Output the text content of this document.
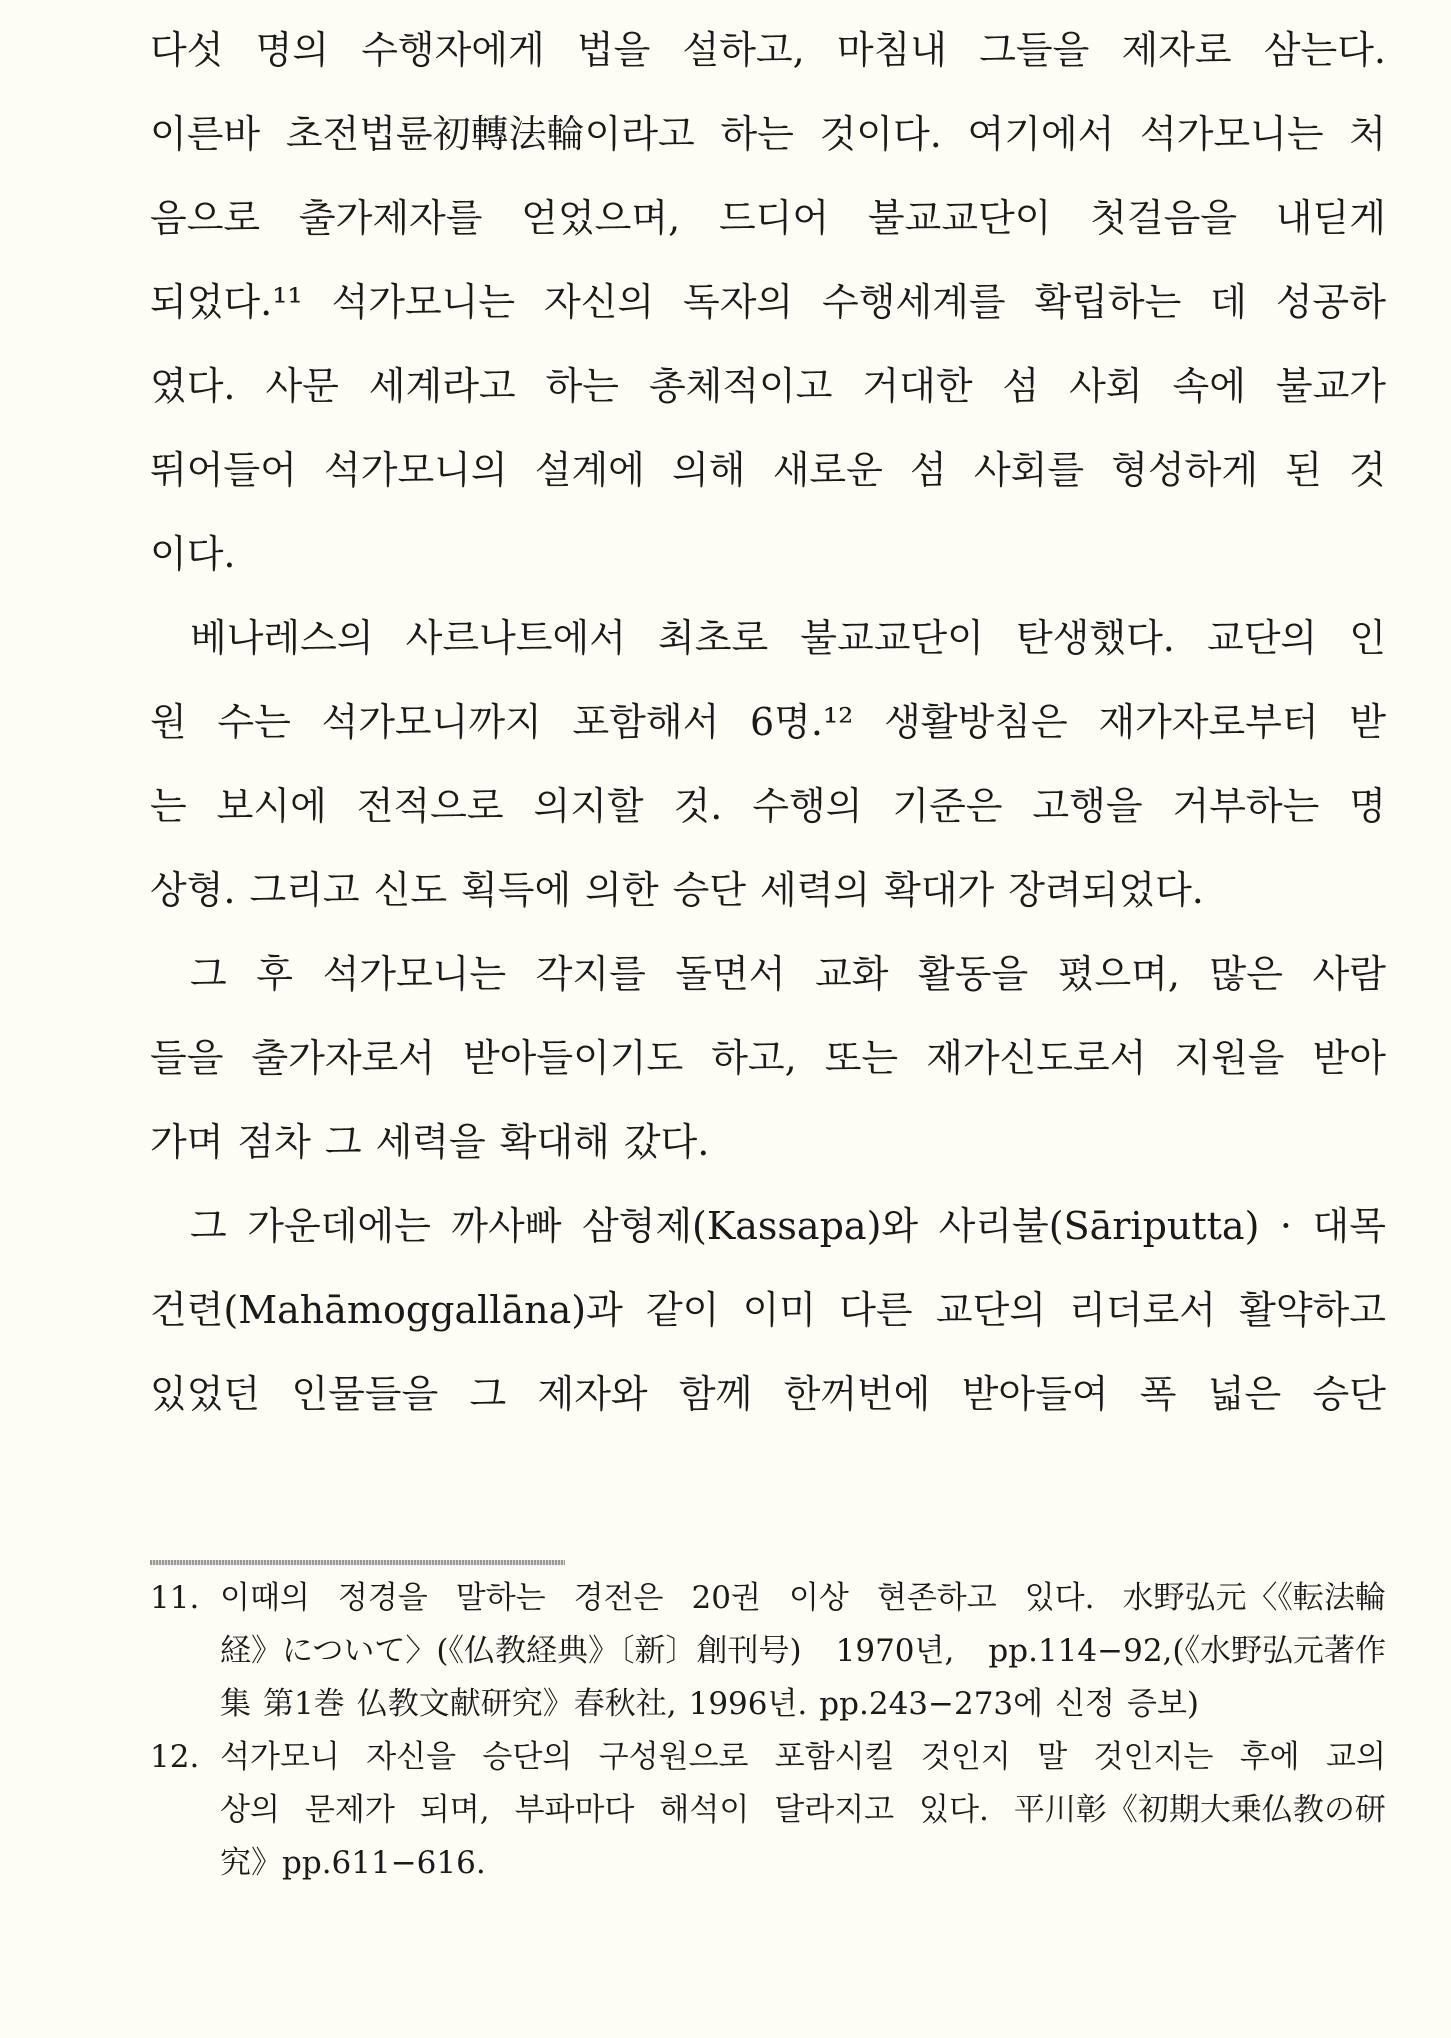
다섯 명의 수행자에게 법을 설하고, 마침내 그들을 제자로 삼는다.
이른바 초전법륜初轉法輪이라고 하는 것이다. 여기에서 석가모니는 처
음으로 출가제자를 얻었으며, 드디어 불교교단이 첫걸음을 내딛게
되었다.¹¹ 석가모니는 자신의 독자의 수행세계를 확립하는 데 성공하
였다. 사문 세계라고 하는 총체적이고 거대한 섬 사회 속에 불교가
뛰어들어 석가모니의 설계에 의해 새로운 섬 사회를 형성하게 된 것
이다.
베나레스의 사르나트에서 최초로 불교교단이 탄생했다. 교단의 인
원 수는 석가모니까지 포함해서 6명.¹² 생활방침은 재가자로부터 받
는 보시에 전적으로 의지할 것. 수행의 기준은 고행을 거부하는 명
상형. 그리고 신도 획득에 의한 승단 세력의 확대가 장려되었다.
그 후 석가모니는 각지를 돌면서 교화 활동을 폈으며, 많은 사람
들을 출가자로서 받아들이기도 하고, 또는 재가신도로서 지원을 받아
가며 점차 그 세력을 확대해 갔다.
그 가운데에는 까사빠 삼형제(Kassapa)와 사리불(Sāriputta) · 대목
건련(Mahāmoggallāna)과 같이 이미 다른 교단의 리더로서 활약하고
있었던 인물들을 그 제자와 함께 한꺼번에 받아들여 폭 넓은 승단
11. 이때의 정경을 말하는 경전은 20권 이상 현존하고 있다. 水野弘元〈《転法輪
経》について〉(《仏教経典》〔新〕創刊号) 1970년, pp.114−92,(《水野弘元著作
集 第1巻 仏教文献研究》春秋社, 1996년. pp.243−273에 신정 증보)
12. 석가모니 자신을 승단의 구성원으로 포함시킬 것인지 말 것인지는 후에 교의
상의 문제가 되며, 부파마다 해석이 달라지고 있다. 平川彰《初期大乗仏教の研
究》pp.611−616.
